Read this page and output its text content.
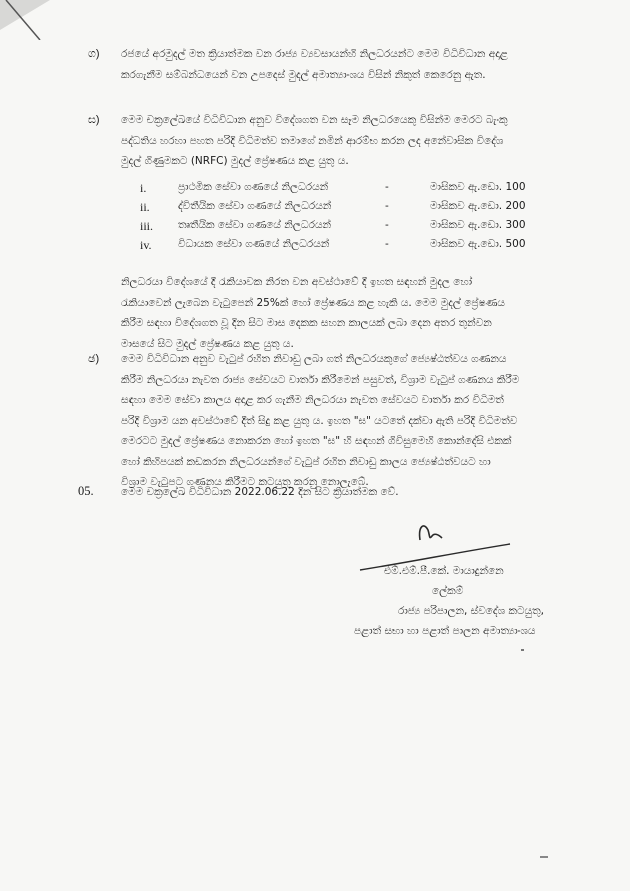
ග) රජයේ අරමුදල් මත ක්‍රියාත්මක වන රාජ්‍ය ව්‍යවසායන්හි නිලධරයන්ට මෙම විධිවිධාන අදාළ
කරගැනීම සම්බන්ධයෙන් වන උපදෙස් මුදල් අමාත්‍යාංශය විසින් නිකුත් කෙරෙනු ඇත.
ඝ) මෙම චක්‍රලේඛයේ විධිවිධාන අනුව විදේශගත වන සෑම නිලධරයෙකු විසින්ම මෙරට බැංකු
පද්ධතිය හරහා පහත පරිදි විධිමත්ව තමාගේ නමින් ආරම්භ කරන ලද අනේවාසික විදේශ
මුදල් ගිණුමකට (NRFC) මුදල් ප්‍රේෂණය කළ යුතු ය.
i.	ප්‍රාථමික සේවා ගණයේ නිලධරයන්	-	මාසිකව ඇ.ඩො. 100
ii.	ද්විතීයික සේවා ගණයේ නිලධරයන්	-	මාසිකව ඇ.ඩො. 200
iii. තෘතීයික සේවා ගණයේ නිලධරයන්	-	මාසිකව ඇ.ඩො. 300
iv.	විධායක සේවා ගණයේ නිලධරයන්	-	මාසිකව ඇ.ඩො. 500
නිලධරයා විදේශයේ දී රැකියාවක නිරත වන අවස්ථාවේ දී ඉහත සඳහන් මුදල හෝ
රැකියාවෙන් ලැබෙන වැටුපෙන් 25%ක් හෝ ප්‍රේෂණය කළ හැකි ය. මෙම මුදල් ප්‍රේෂණය
කිරීම සඳහා විදේශගත වූ දින සිට මාස දෙකක සහන කාලයක් ලබා දෙන අතර තුන්වන
මාසයේ සිට මුදල් ප්‍රේෂණය කළ යුතු ය.
ඡ) මෙම විධිවිධාන අනුව වැටුප් රහිත නිවාඩු ලබා ගත් නිලධරයකුගේ ජ්‍යෙෂ්ඨත්වය ගණනය
කිරීම නිලධරයා නැවත රාජ්‍ය සේවයට වාර්තා කිරීමෙන් පසුවත්, විශ්‍රාම වැටුප් ගණනය කිරීම
සඳහා මෙම සේවා කාලය අදාළ කර ගැනීම නිලධරයා නැවත සේවයට වාර්තා කර විධිමත්
පරිදි විශ්‍රාම යන අවස්ථාවේ දීත් සිදු කළ යුතු ය. ඉහත "ඝ" යටතේ දක්වා ඇති පරිදි විධිමත්ව
මෙරටට මුදල් ප්‍රේෂණය නොකරන හෝ ඉහත "ඝ" හි සඳහන් ගිවිසුමෙහි කොන්දේසි එකක්
හෝ කිහිපයක් කඩකරන නිලධරයන්ගේ වැටුප් රහිත නිවාඩු කාලය ජ්‍යෙෂ්ඨත්වයට හා
විශ්‍රාම වැටුපට ගණනය කිරීමට කටයුතු කරනු නොලැබේ.
05.	මෙම චක්‍රලේඛ විධිවිධාන 2022.06.22 දින සිට ක්‍රියාත්මක වේ.
එම්.එම්.පී.කේ. මායාදුන්නෙ
ලේකම්
රාජ්‍ය පරිපාලන, ස්වදේශ කටයුතු,
පළාත් සභා හා පළාත් පාලන අමාත්‍යාංශය
